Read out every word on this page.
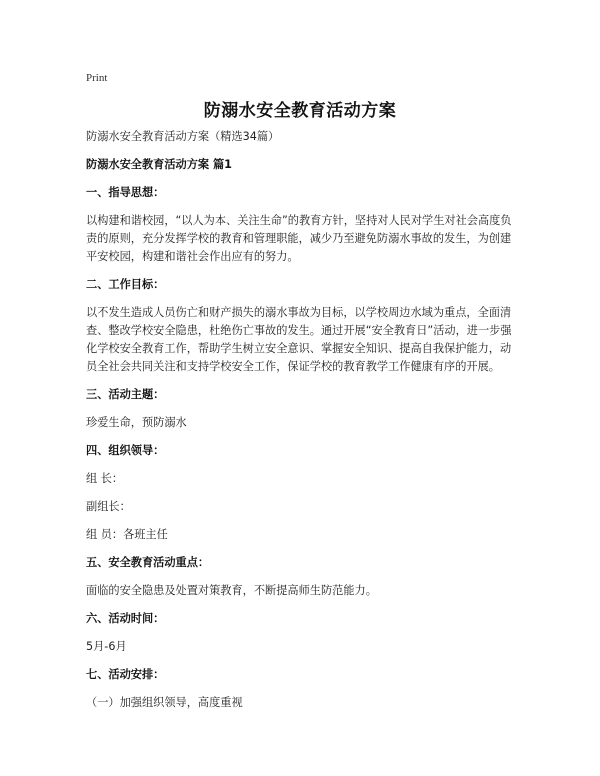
Print
防溺水安全教育活动方案

防溺水安全教育活动方案（精选34篇）

防溺水安全教育活动方案 篇1
一、指导思想：

以构建和谐校园，“以人为本、关注生命”的教育方针，坚持对人民对学生对社会高度负责的原则，充分发挥学校的教育和管理职能，减少乃至避免防溺水事故的发生，为创建平安校园，构建和谐社会作出应有的努力。

二、工作目标：

以不发生造成人员伤亡和财产损失的溺水事故为目标，以学校周边水域为重点，全面清查、整改学校安全隐患，杜绝伤亡事故的发生。通过开展“安全教育日”活动，进一步强化学校安全教育工作，帮助学生树立安全意识、掌握安全知识、提高自我保护能力，动员全社会共同关注和支持学校安全工作，保证学校的教育教学工作健康有序的开展。

三、活动主题：

珍爱生命，预防溺水

四、组织领导：

组 长：

副组长：

组 员：各班主任

五、安全教育活动重点：

面临的安全隐患及处置对策教育，不断提高师生防范能力。

六、活动时间：

5月-6月

七、活动安排：

（一）加强组织领导，高度重视
